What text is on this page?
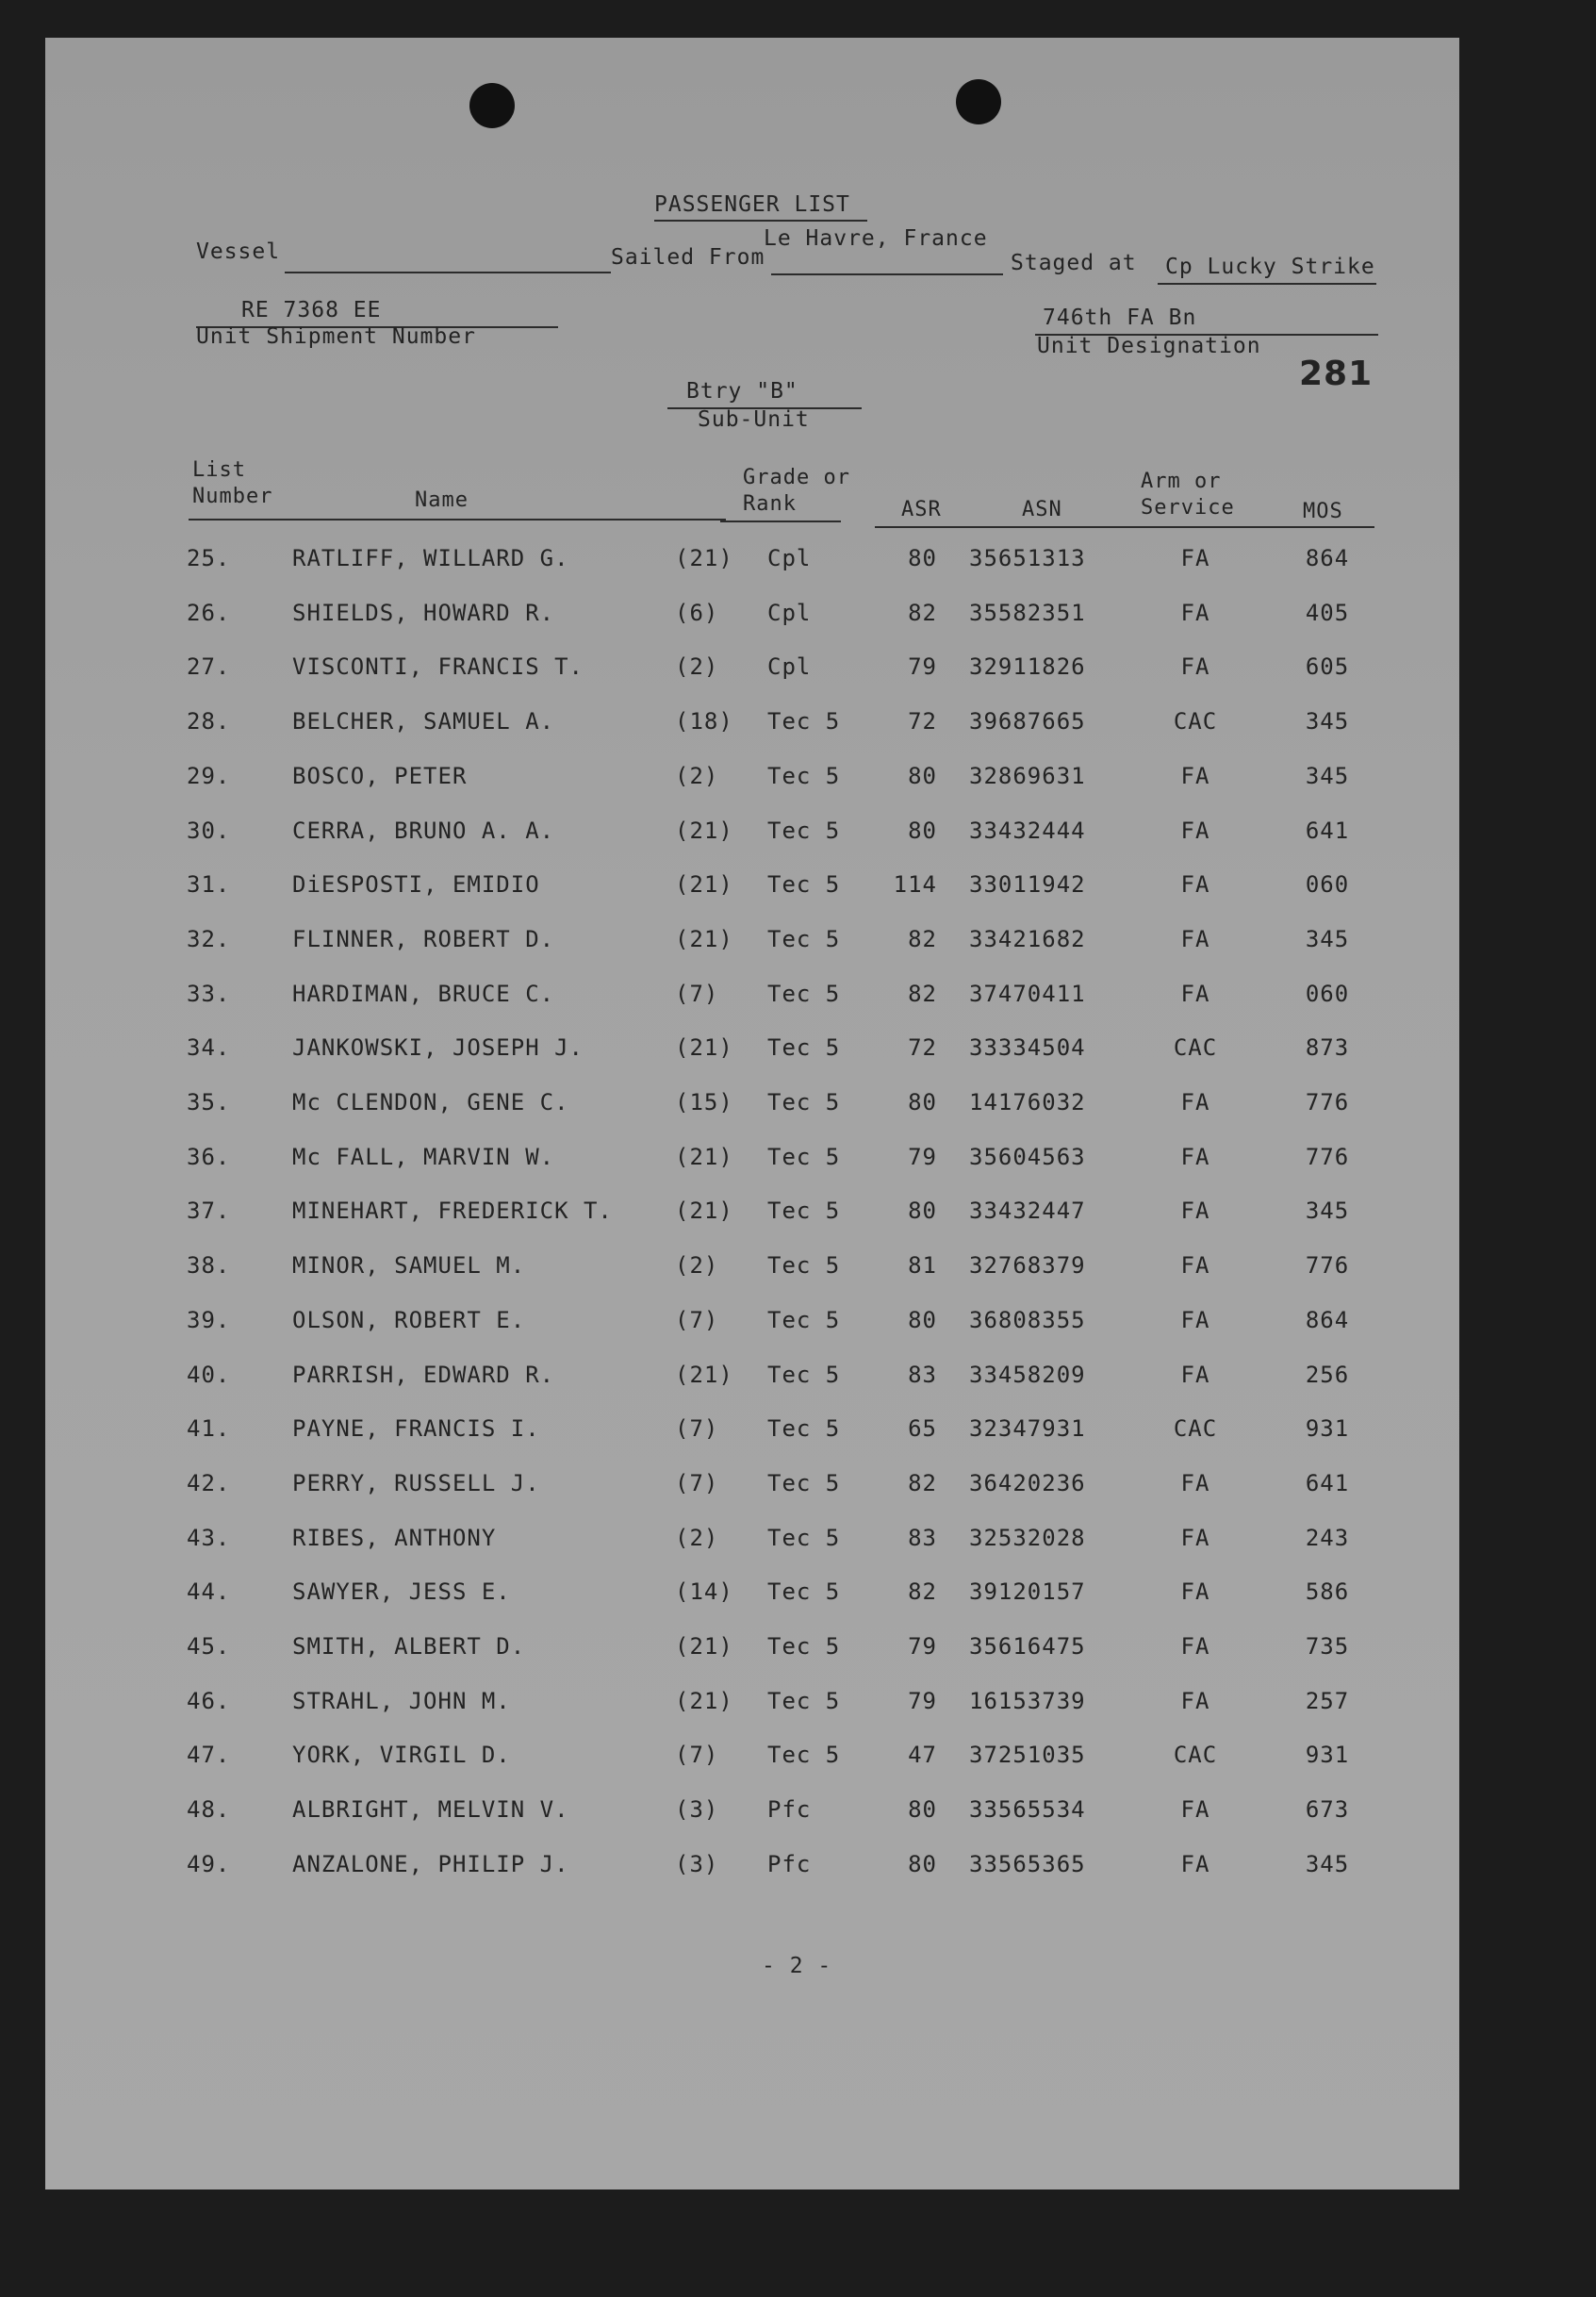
PASSENGER LIST
Vessel
Le Havre, France
Sailed From	Staged at Cp Lucky Strike
RE 7368 EE
Unit Shipment Number
746th FA Bn
Unit Designation
281
Btry "B"
Sub-Unit
List
Number	Name
Grade or
Rank	ASR	ASN
Arm or
Service	MOS
25.	RATLIFF, WILLARD G.	(21) Cpl	80 35651313	FA	864
26.	SHIELDS, HOWARD R.	(6) Cpl	82 35582351	FA	405
27.	VISCONTI, FRANCIS T.	(2) Cpl	79 32911826	FA	605
28.	BELCHER, SAMUEL A.	(18) Tec 5	72 39687665	CAC	345
29.	BOSCO, PETER	(2) Tec 5	80 32869631	FA	345
30.	CERRA, BRUNO A. A.	(21) Tec 5	80 33432444	FA	641
31.	DiESPOSTI, EMIDIO	(21) Tec 5	114 33011942	FA	060
32.	FLINNER, ROBERT D.	(21) Tec 5	82 33421682	FA	345
33.	HARDIMAN, BRUCE C.	(7) Tec 5	82 37470411	FA	060
34.	JANKOWSKI, JOSEPH J.	(21) Tec 5	72 33334504	CAC	873
35.	Mc CLENDON, GENE C.	(15) Tec 5	80 14176032	FA	776
36.	Mc FALL, MARVIN W.	(21) Tec 5	79 35604563	FA	776
37.	MINEHART, FREDERICK T.	(21) Tec 5	80 33432447	FA	345
38.	MINOR, SAMUEL M.	(2) Tec 5	81 32768379	FA	776
39.	OLSON, ROBERT E.	(7) Tec 5	80 36808355	FA	864
40.	PARRISH, EDWARD R.	(21) Tec 5	83 33458209	FA	256
41.	PAYNE, FRANCIS I.	(7) Tec 5	65 32347931	CAC	931
42.	PERRY, RUSSELL J.	(7) Tec 5	82 36420236	FA	641
43.	RIBES, ANTHONY	(2) Tec 5	83 32532028	FA	243
44.	SAWYER, JESS E.	(14) Tec 5	82 39120157	FA	586
45.	SMITH, ALBERT D.	(21) Tec 5	79 35616475	FA	735
46.	STRAHL, JOHN M.	(21) Tec 5	79 16153739	FA	257
47.	YORK, VIRGIL D.	(7) Tec 5	47 37251035	CAC	931
48.	ALBRIGHT, MELVIN V.	(3) Pfc	80 33565534	FA	673
49.	ANZALONE, PHILIP J.	(3) Pfc	80 33565365	FA	345
- 2 -
